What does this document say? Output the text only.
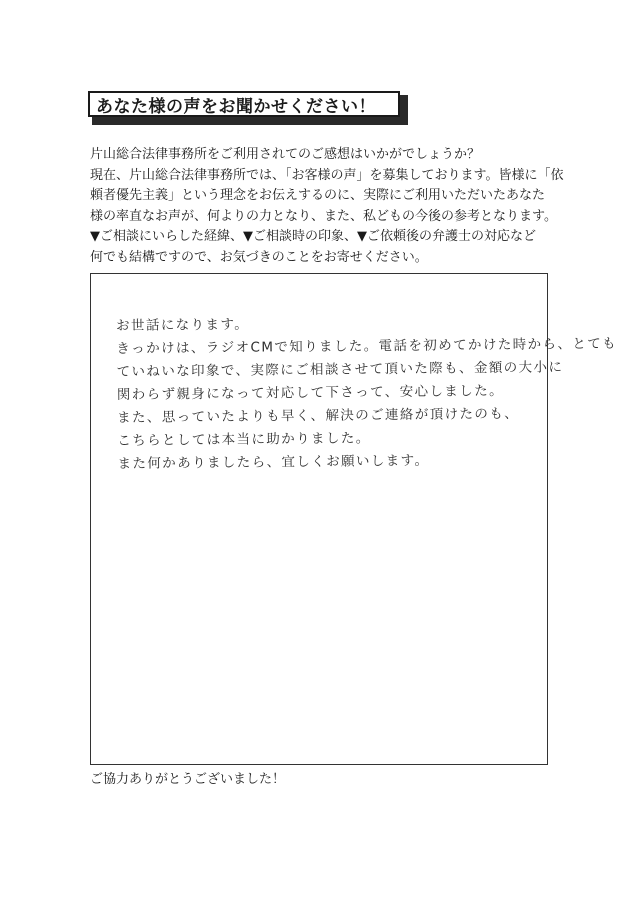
あなた様の声をお聞かせください！

片山総合法律事務所をご利用されてのご感想はいかがでしょうか？

現在、片山総合法律事務所では、「お客様の声」を募集しております。皆様に「依

頼者優先主義」という理念をお伝えするのに、実際にご利用いただいたあなた

様の率直なお声が、何よりの力となり、また、私どもの今後の参考となります。

▼ご相談にいらした経緯、▼ご相談時の印象、▼ご依頼後の弁護士の対応など

何でも結構ですので、お気づきのことをお寄せください。

お世話になります。

きっかけは、ラジオCMで知りました。電話を初めてかけた時から、とても

ていねいな印象で、実際にご相談させて頂いた際も、金額の大小に

関わらず親身になって対応して下さって、安心しました。

また、思っていたよりも早く、解決のご連絡が頂けたのも、

こちらとしては本当に助かりました。

また何かありましたら、宜しくお願いします。

ご協力ありがとうございました！
